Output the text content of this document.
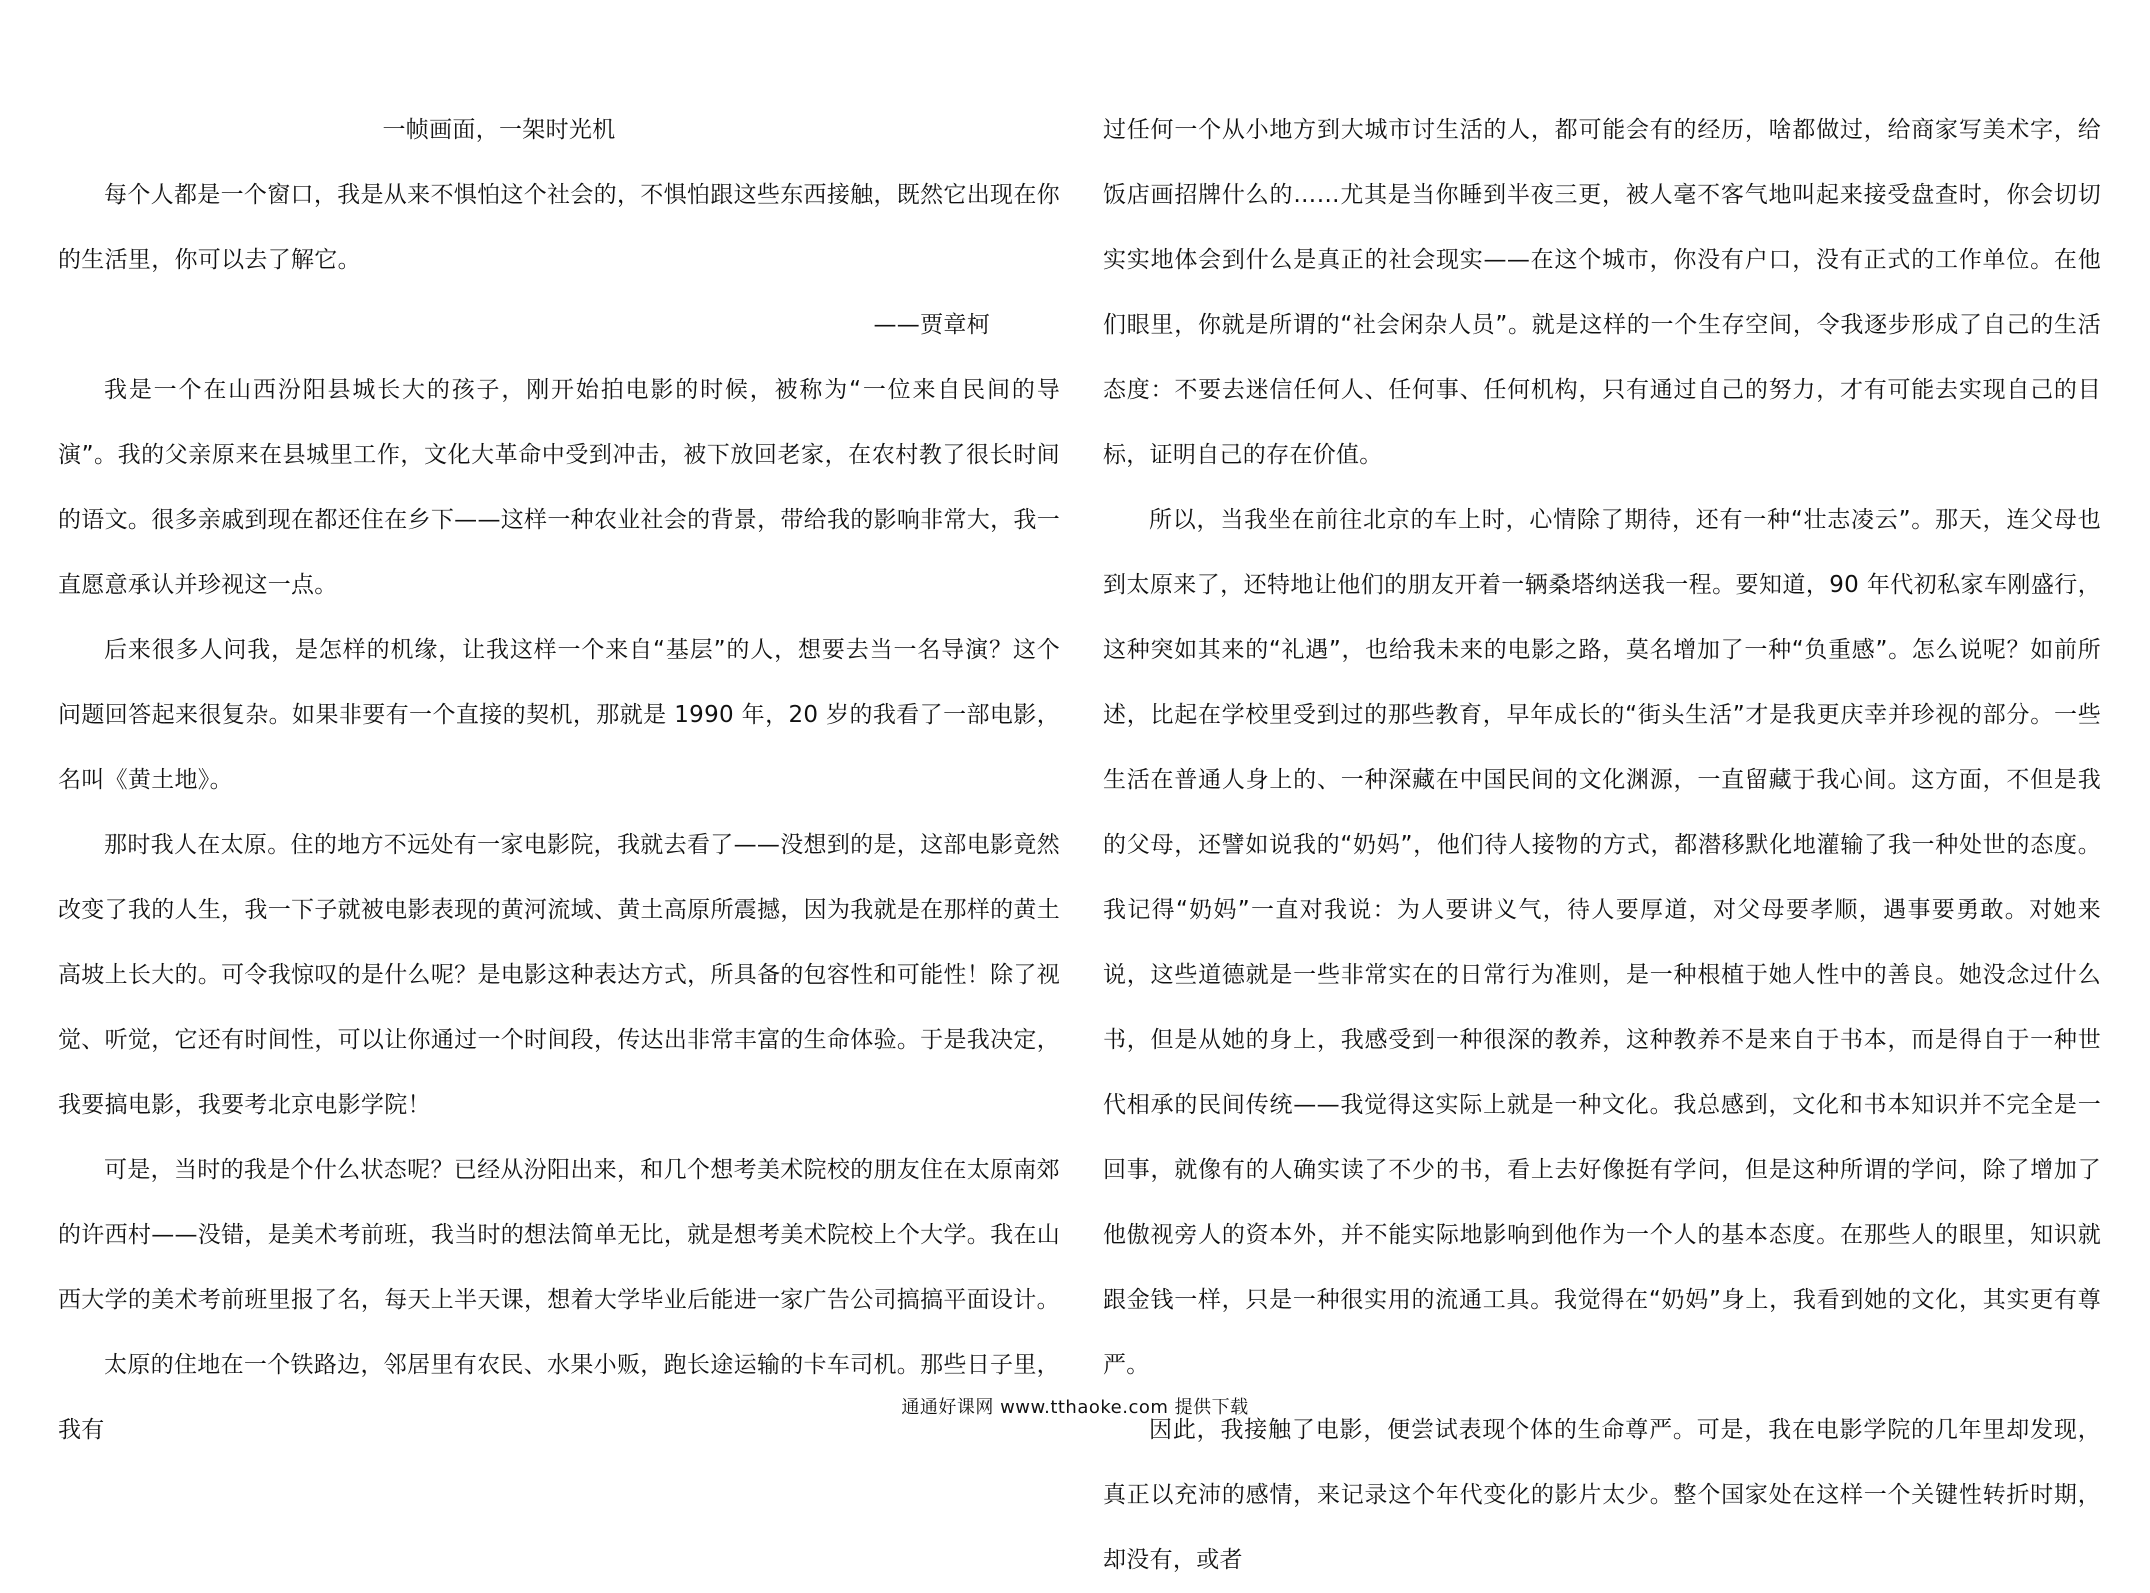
一帧画面，一架时光机

每个人都是一个窗口，我是从来不惧怕这个社会的，不惧怕跟这些东西接触，既然它出现在你的生活里，你可以去了解它。

——贾章柯

我是一个在山西汾阳县城长大的孩子，刚开始拍电影的时候，被称为“一位来自民间的导演”。我的父亲原来在县城里工作，文化大革命中受到冲击，被下放回老家，在农村教了很长时间的语文。很多亲戚到现在都还住在乡下——这样一种农业社会的背景，带给我的影响非常大，我一直愿意承认并珍视这一点。

后来很多人问我，是怎样的机缘，让我这样一个来自“基层”的人，想要去当一名导演？这个问题回答起来很复杂。如果非要有一个直接的契机，那就是 1990 年，20 岁的我看了一部电影，名叫《黄土地》。

那时我人在太原。住的地方不远处有一家电影院，我就去看了——没想到的是，这部电影竟然改变了我的人生，我一下子就被电影表现的黄河流域、黄土高原所震撼，因为我就是在那样的黄土高坡上长大的。可令我惊叹的是什么呢？是电影这种表达方式，所具备的包容性和可能性！除了视觉、听觉，它还有时间性，可以让你通过一个时间段，传达出非常丰富的生命体验。于是我决定，我要搞电影，我要考北京电影学院！

可是，当时的我是个什么状态呢？已经从汾阳出来，和几个想考美术院校的朋友住在太原南郊的许西村——没错，是美术考前班，我当时的想法简单无比，就是想考美术院校上个大学。我在山西大学的美术考前班里报了名，每天上半天课，想着大学毕业后能进一家广告公司搞搞平面设计。

太原的住地在一个铁路边，邻居里有农民、水果小贩，跑长途运输的卡车司机。那些日子里，我有

过任何一个从小地方到大城市讨生活的人，都可能会有的经历，啥都做过，给商家写美术字，给饭店画招牌什么的……尤其是当你睡到半夜三更，被人毫不客气地叫起来接受盘查时，你会切切实实地体会到什么是真正的社会现实——在这个城市，你没有户口，没有正式的工作单位。在他们眼里，你就是所谓的“社会闲杂人员”。就是这样的一个生存空间，令我逐步形成了自己的生活态度：不要去迷信任何人、任何事、任何机构，只有通过自己的努力，才有可能去实现自己的目标，证明自己的存在价值。

所以，当我坐在前往北京的车上时，心情除了期待，还有一种“壮志凌云”。那天，连父母也到太原来了，还特地让他们的朋友开着一辆桑塔纳送我一程。要知道，90 年代初私家车刚盛行，这种突如其来的“礼遇”，也给我未来的电影之路，莫名增加了一种“负重感”。怎么说呢？如前所述，比起在学校里受到过的那些教育，早年成长的“街头生活”才是我更庆幸并珍视的部分。一些生活在普通人身上的、一种深藏在中国民间的文化渊源，一直留藏于我心间。这方面，不但是我的父母，还譬如说我的“奶妈”，他们待人接物的方式，都潜移默化地灌输了我一种处世的态度。我记得“奶妈”一直对我说：为人要讲义气，待人要厚道，对父母要孝顺，遇事要勇敢。对她来说，这些道德就是一些非常实在的日常行为准则，是一种根植于她人性中的善良。她没念过什么书，但是从她的身上，我感受到一种很深的教养，这种教养不是来自于书本，而是得自于一种世代相承的民间传统——我觉得这实际上就是一种文化。我总感到，文化和书本知识并不完全是一回事，就像有的人确实读了不少的书，看上去好像挺有学问，但是这种所谓的学问，除了增加了他傲视旁人的资本外，并不能实际地影响到他作为一个人的基本态度。在那些人的眼里，知识就跟金钱一样，只是一种很实用的流通工具。我觉得在“奶妈”身上，我看到她的文化，其实更有尊严。

因此，我接触了电影，便尝试表现个体的生命尊严。可是，我在电影学院的几年里却发现，真正以充沛的感情，来记录这个年代变化的影片太少。整个国家处在这样一个关键性转折时期，却没有，或者

通通好课网 www.tthaoke.com 提供下载
